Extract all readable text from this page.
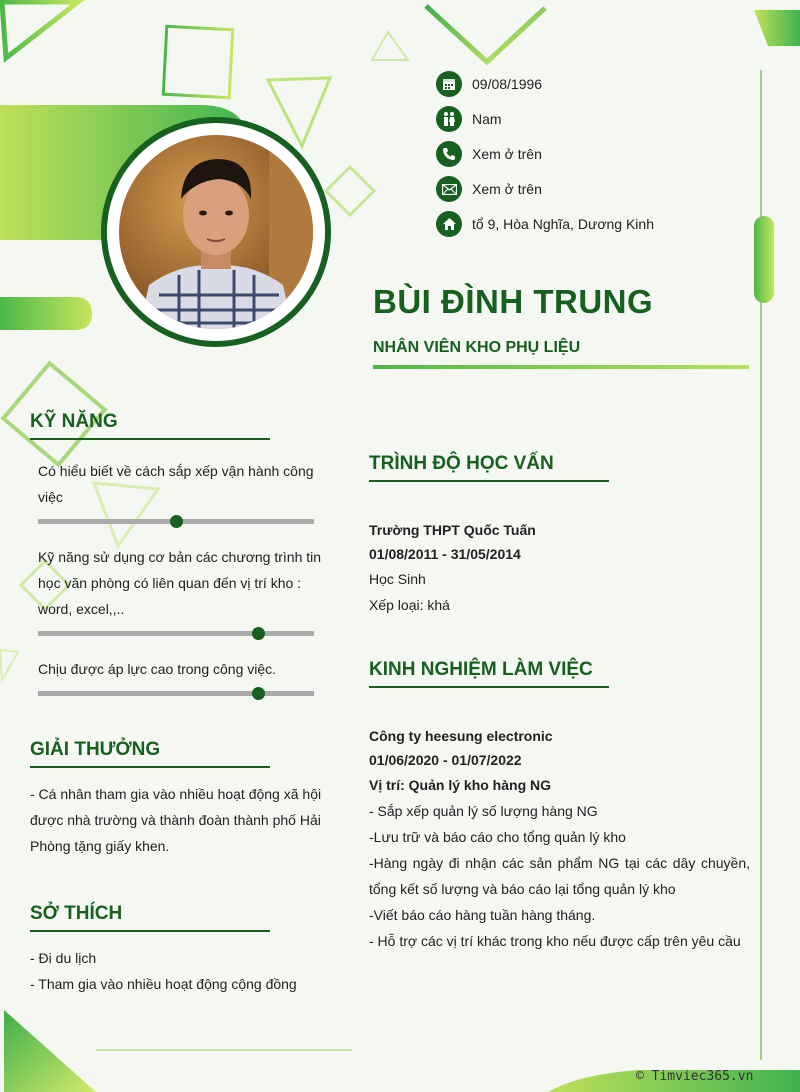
09/08/1996
Nam
Xem ở trên
Xem ở trên
tổ 9, Hòa Nghĩa, Dương Kinh
BÙI ĐÌNH TRUNG
NHÂN VIÊN KHO PHỤ LIỆU
KỸ NĂNG
Có hiểu biết về cách sắp xếp vận hành công việc
Kỹ năng sử dụng cơ bản các chương trình tin học văn phòng có liên quan đến vị trí kho : word, excel,,..
Chịu được áp lực cao trong công việc.
GIẢI THƯỞNG
- Cá nhân tham gia vào nhiều hoạt động xã hội được nhà trường và thành đoàn thành phố Hải Phòng tặng giấy khen.
SỞ THÍCH
- Đi du lịch
- Tham gia vào nhiều hoạt động cộng đồng
TRÌNH ĐỘ HỌC VẤN
Trường THPT Quốc Tuấn
01/08/2011 - 31/05/2014
Học Sinh
Xếp loại: khá
KINH NGHIỆM LÀM VIỆC
Công ty heesung electronic
01/06/2020 - 01/07/2022
Vị trí: Quản lý kho hàng NG
- Sắp xếp quản lý số lượng hàng NG
-Lưu trữ và báo cáo cho tổng quản lý kho
-Hàng ngày đi nhận các sản phẩm NG tại các dây chuyền, tổng kết số lượng và báo cáo lại tổng quản lý kho
-Viết báo cáo hàng tuần hàng tháng.
- Hỗ trợ các vị trí khác trong kho nếu được cấp trên yêu cầu
© Timviec365.vn
